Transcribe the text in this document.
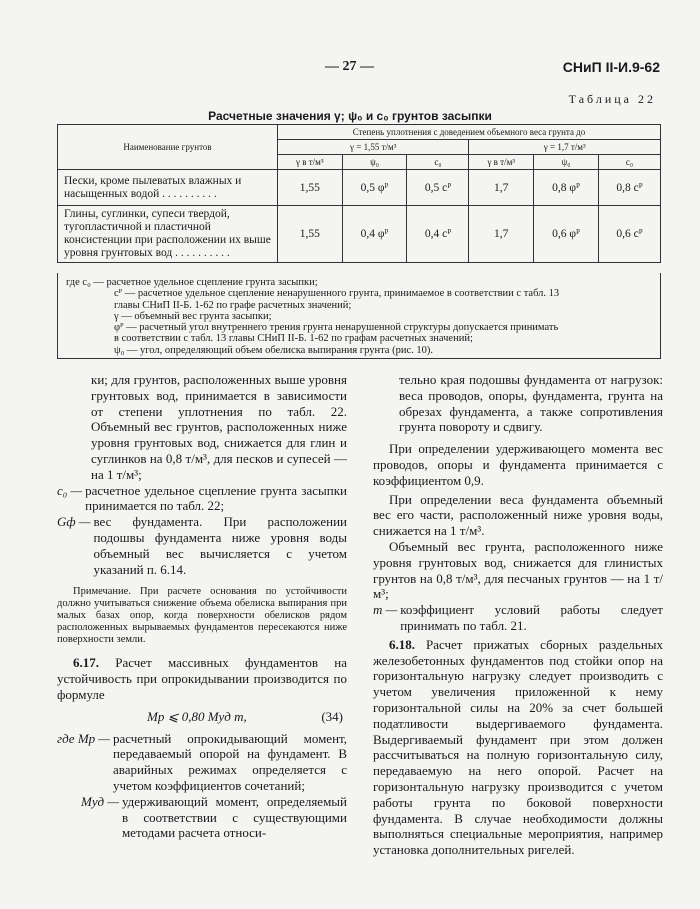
— 27 —	СНиП II-И.9-62
Таблица 22
Расчетные значения γ; ψ₀ и c₀ грунтов засыпки
Наименование грунтов	Степень уплотнения с доведением объемного веса грунта до					
	γ = 1,55 т/м³			γ = 1,7 т/м³		
	γ в т/м³	ψ₀	c₀	γ в т/м³	ψ₀	c₀
Пески, кроме пылеватых влажных и насыщенных водой . . . . . . . . . .	1,55	0,5 φᴾ	0,5 cᴾ	1,7	0,8 φᴾ	0,8 cᴾ
Глины, суглинки, супеси твердой, тугопластичной и пластичной консистенции при расположении их выше уровня грунтовых вод . . . . . . . . . .	1,55	0,4 φᴾ	0,4 cᴾ	1,7	0,6 φᴾ	0,6 cᴾ
где c₀ — расчетное удельное сцепление грунта засыпки;
cᴾ — расчетное удельное сцепление ненарушенного грунта, принимаемое в соответствии с табл. 13
главы СНиП II-Б. 1-62 по графе расчетных значений;
γ — объемный вес грунта засыпки;
φᴾ — расчетный угол внутреннего трения грунта ненарушенной структуры допускается принимать
в соответствии с табл. 13 главы СНиП II-Б. 1-62 по графам расчетных значений;
ψ₀ — угол, определяющий объем обелиска выпирания грунта (рис. 10).

ки; для грунтов, расположенных выше уровня грунтовых вод, принимается в зависимости от степени уплотнения по табл. 22. Объемный вес грунтов, расположенных ниже уровня грунтовых вод, снижается для глин и суглинков на 0,8 т/м³, для песков и супесей — на 1 т/м³;

c₀ — расчетное удельное сцепление грунта засыпки принимается по табл. 22;

Gф — вес фундамента. При расположении подошвы фундамента ниже уровня воды объемный вес вычисляется с учетом указаний п. 6.14.

Примечание. При расчете основания по устойчивости должно учитываться снижение объема обелиска выпирания при малых базах опор, когда поверхности обелисков рядом расположенных вырываемых фундаментов пересекаются ниже поверхности земли.

6.17. Расчет массивных фундаментов на устойчивость при опрокидывании производится по формуле

Mр ⩽ 0,80 Mуд m,	(34)
где Mр — расчетный опрокидывающий момент, передаваемый опорой на фундамент. В аварийных режимах определяется с учетом коэффициентов сочетаний;

Mуд — удерживающий момент, определяемый в соответствии с существующими методами расчета относи-

тельно края подошвы фундамента от нагрузок: веса проводов, опоры, фундамента, грунта на обрезах фундамента, а также сопротивления грунта повороту и сдвигу.

При определении удерживающего момента вес проводов, опоры и фундамента принимается с коэффициентом 0,9.

При определении веса фундамента объемный вес его части, расположенный ниже уровня воды, снижается на 1 т/м³.

Объемный вес грунта, расположенного ниже уровня грунтовых вод, снижается для глинистых грунтов на 0,8 т/м³, для песчаных грунтов — на 1 т/м³;

m — коэффициент условий работы следует принимать по табл. 21.

6.18. Расчет прижатых сборных раздельных железобетонных фундаментов под стойки опор на горизонтальную нагрузку следует производить с учетом увеличения приложенной к нему горизонтальной силы на 20% за счет большей податливости выдергиваемого фундамента. Выдергиваемый фундамент при этом должен рассчитываться на полную горизонтальную силу, передаваемую на него опорой. Расчет на горизонтальную нагрузку производится с учетом работы грунта по боковой поверхности фундамента. В случае необходимости должны выполняться специальные мероприятия, например установка дополнительных ригелей.
